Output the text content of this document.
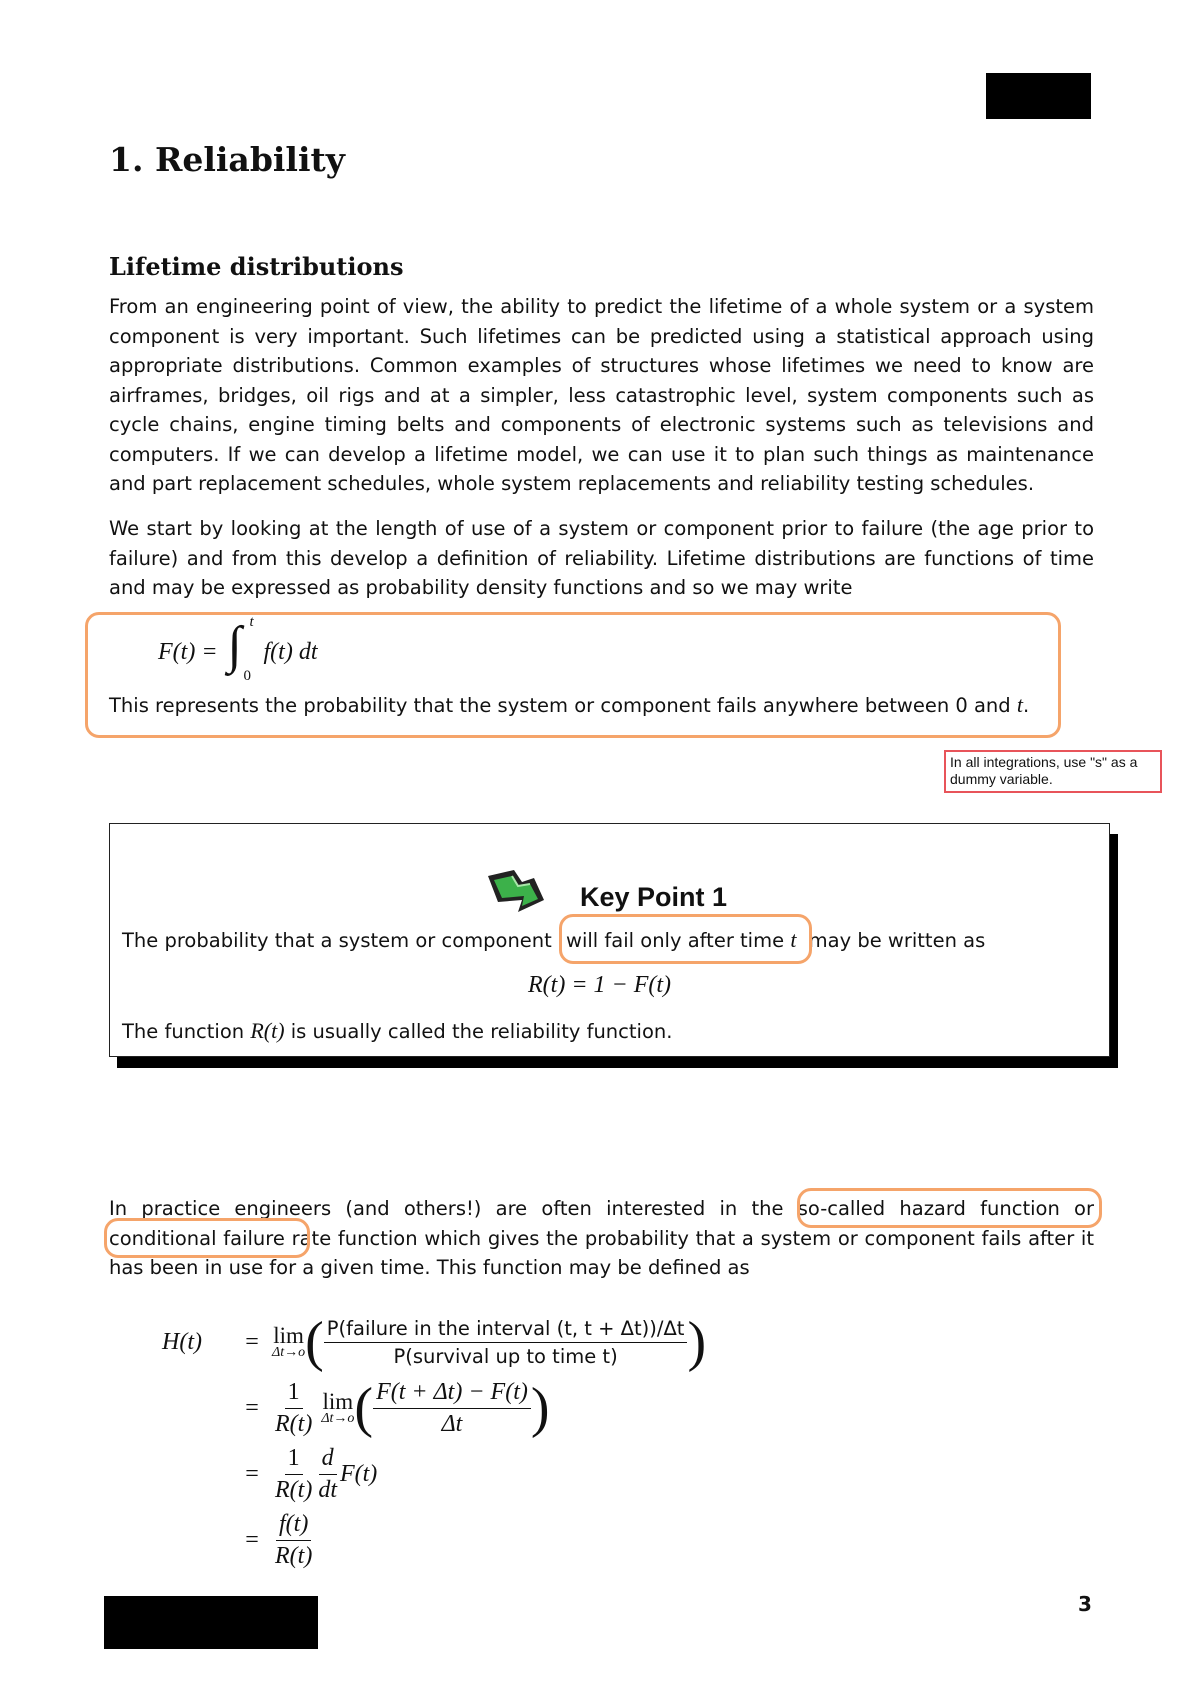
1. Reliability
Lifetime distributions
From an engineering point of view, the ability to predict the lifetime of a whole system or a system component is very important. Such lifetimes can be predicted using a statistical approach using appropriate distributions. Common examples of structures whose lifetimes we need to know are airframes, bridges, oil rigs and at a simpler, less catastrophic level, system components such as cycle chains, engine timing belts and components of electronic systems such as televisions and computers. If we can develop a lifetime model, we can use it to plan such things as maintenance and part replacement schedules, whole system replacements and reliability testing schedules.
We start by looking at the length of use of a system or component prior to failure (the age prior to failure) and from this develop a definition of reliability. Lifetime distributions are functions of time and may be expressed as probability density functions and so we may write
F(t) = ∫ t
0
f(t) dt
This represents the probability that the system or component fails anywhere between 0 and t.
In all integrations, use "s" as a dummy variable.
Key Point 1
The probability that a system or component will fail only after time t may be written as
R(t) = 1 − F(t)
The function R(t) is usually called the reliability function.
In practice engineers (and others!) are often interested in the so-called hazard function or conditional failure rate function which gives the probability that a system or component fails after it has been in use for a given time. This function may be defined as
H(t)	= lim
Δt→o ( $\frac{\text{P(failure in the interval (t, t + Δt))/Δt}}{\text{P(survival up to time t)}}$ )
= $\frac{1}{R(t)}$ lim
Δt→o ( $\frac{F(t + \Delta t) - F(t)}{\Delta t}$ )
= $\frac{1}{R(t)} \frac{d}{dt} F(t)$
= $\frac{f(t)}{R(t)}$
3
